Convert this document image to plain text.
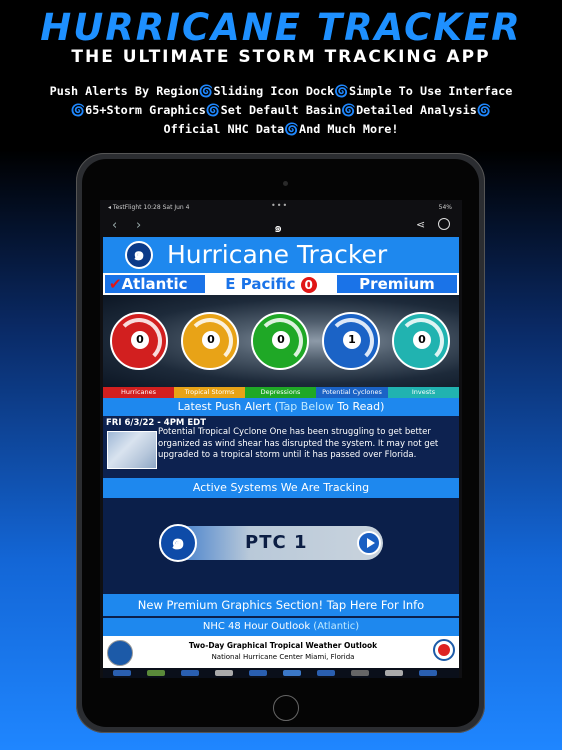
HURRICANE TRACKER
THE ULTIMATE STORM TRACKING APP
Push Alerts By Region🌀Sliding Icon Dock🌀Simple To Use Interface
🌀65+Storm Graphics🌀Set Default Basin🌀Detailed Analysis🌀
Official NHC Data🌀And Much More!
◂ TestFlight 10:28 Sat Jun 4	•••	54%
‹ ›	๑	⋖
๑ Hurricane Tracker
✔Atlantic	E Pacific 0	Premium
0	0	0	1	0
Hurricanes	Tropical Storms	Depressions	Potential Cyclones	Invests
Latest Push Alert (Tap Below To Read)
FRI 6/3/22 - 4PM EDT
Potential Tropical Cyclone One has been struggling to get better organized as wind shear has disrupted the system. It may not get upgraded to a tropical storm until it has passed over Florida.
Active Systems We Are Tracking
๑	PTC 1
New Premium Graphics Section! Tap Here For Info
NHC 48 Hour Outlook (Atlantic)
Two-Day Graphical Tropical Weather Outlook
National Hurricane Center Miami, Florida
